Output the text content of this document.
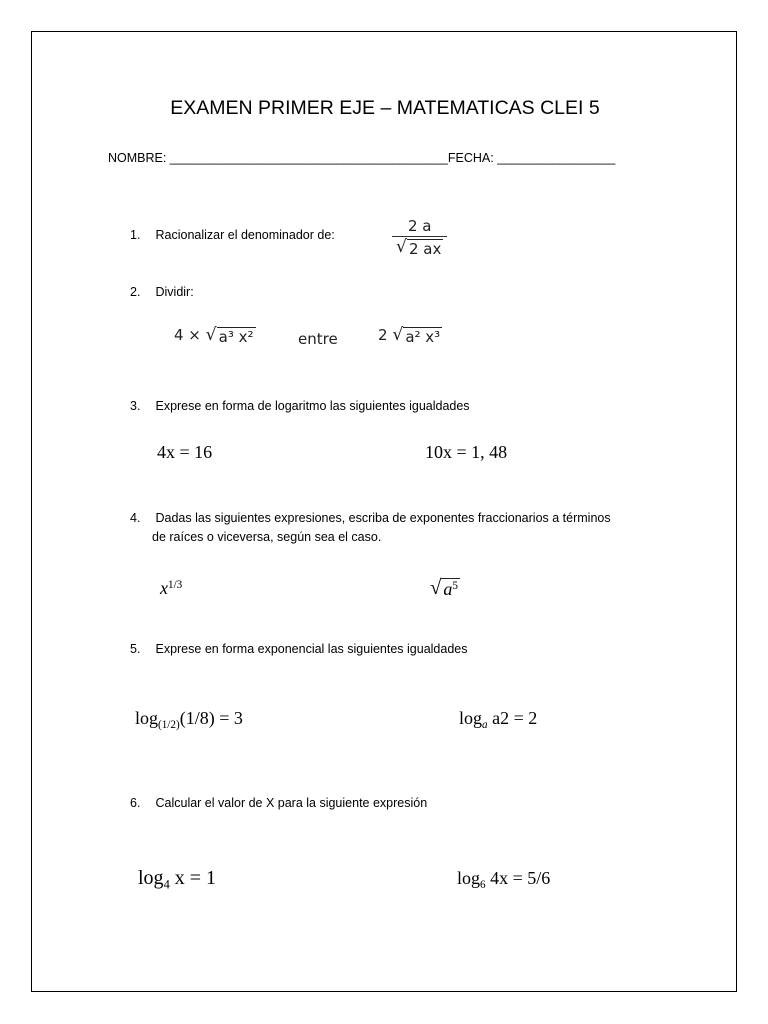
EXAMEN PRIMER EJE – MATEMATICAS CLEI 5
NOMBRE: ________________________________________FECHA: _________________
1. Racionalizar el denominador de:	$\frac{2 a}{√ 2 ax}$
2. Dividir:
4 × √ a³ x²	entre	2 √ a² x³
3. Exprese en forma de logaritmo las siguientes igualdades
4x = 16	10x = 1, 48
4. Dadas las siguientes expresiones, escriba de exponentes fraccionarios a términos
de raíces o viceversa, según sea el caso.
$x^{1/3}$	√ $a^5$
5. Exprese en forma exponencial las siguientes igualdades
$\log_{(1/2)}(1/8) = 3$	$\log_a a2 = 2$
6. Calcular el valor de X para la siguiente expresión
$\log_4 x = 1$	$\log_6 4x = 5/6$
